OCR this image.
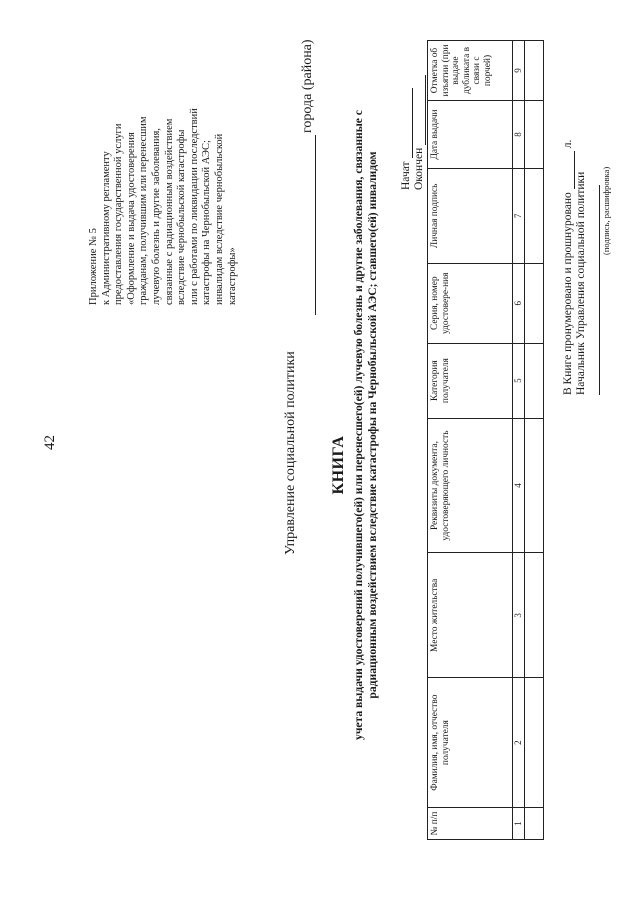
42
Приложение № 5 к Административному регламенту предоставления государственной услуги «Оформление и выдача удостоверения гражданам, получившим или перенесшим лучевую болезнь и другие заболевания, связанные с радиационным воздействием вследствие чернобыльской катастрофы или с работами по ликвидации последствий катастрофы на Чернобыльской АЭС; инвалидам вследствие чернобыльской катастрофы»
Управление социальной политики
города (района)
КНИГА учета выдачи удостоверений получившего(ей) или перенесшего(ей) лучевую болезнь и другие заболевания, связанные с радиационным воздействием вследствие катастрофы на Чернобыльской АЭС; ставшего(ей) инвалидом Начат Окончен
№ п/п	Фамилия, имя, отчество получателя	Место жительства	Реквизиты документа, удостоверяющего личность	Категория получателя	Серия, номер удостовере-ния	Личная подпись	Дата выдачи	Отметка об изъятии (при выдаче дубликата в связи с порчей)
1	2	3	4	5	6	7	8	9

В Книге пронумеровано и прошнуровано
л.
Начальник Управления социальной политики (подпись, расшифровка)
